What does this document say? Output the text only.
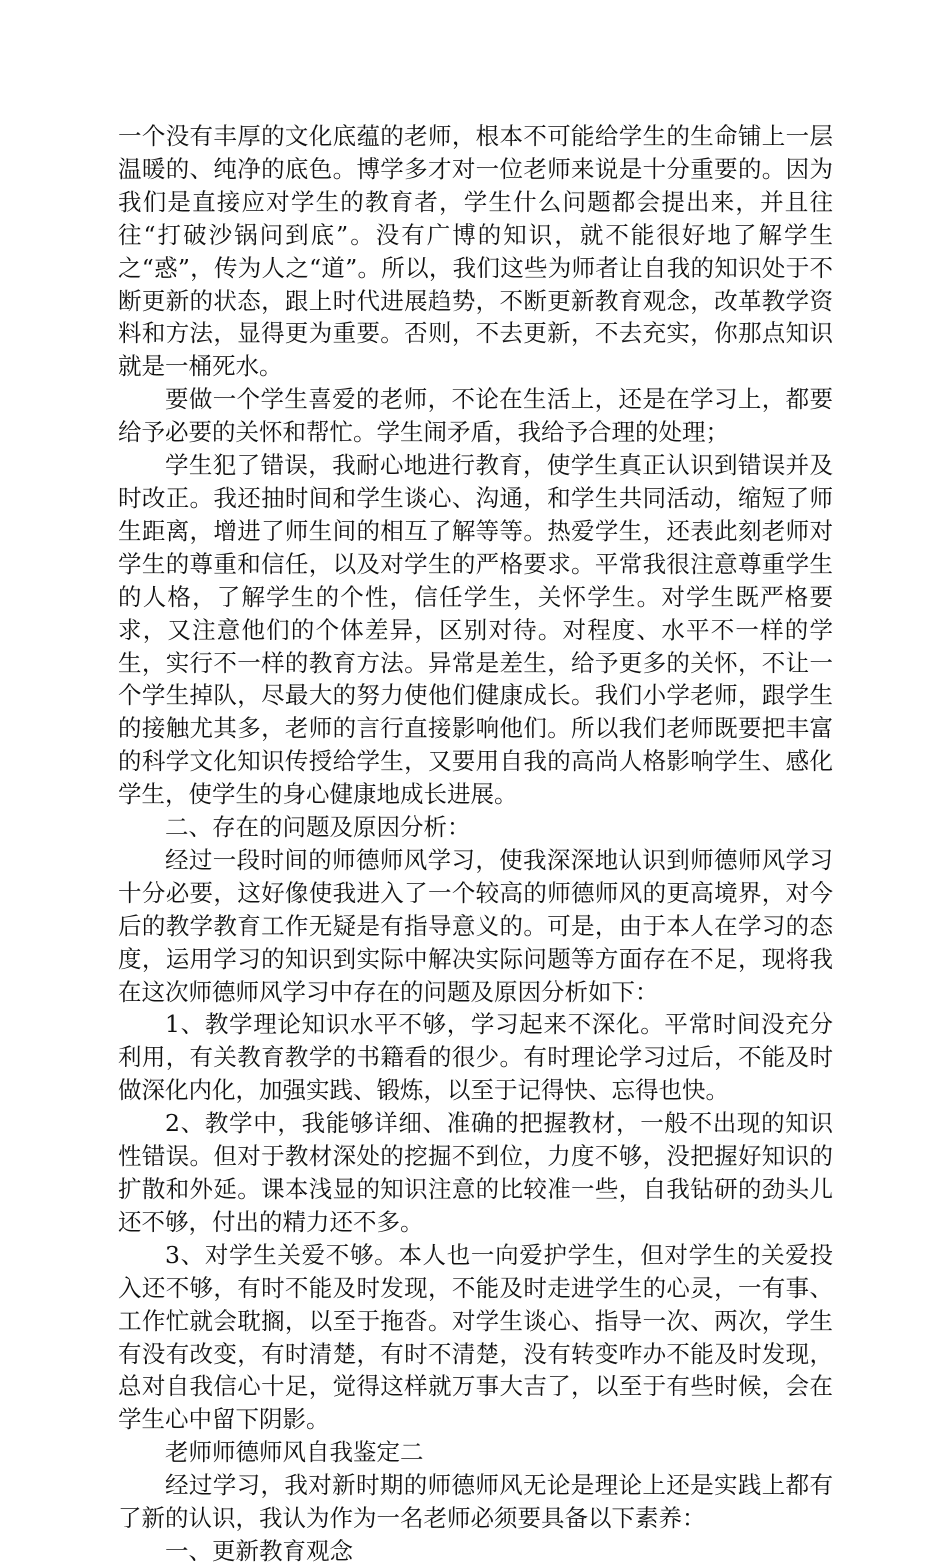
一个没有丰厚的文化底蕴的老师，根本不可能给学生的生命铺上一层温暖的、纯净的底色。博学多才对一位老师来说是十分重要的。因为我们是直接应对学生的教育者，学生什么问题都会提出来，并且往往“打破沙锅问到底”。没有广博的知识，就不能很好地了解学生之“惑”，传为人之“道”。所以，我们这些为师者让自我的知识处于不断更新的状态，跟上时代进展趋势，不断更新教育观念，改革教学资料和方法，显得更为重要。否则，不去更新，不去充实，你那点知识就是一桶死水。

要做一个学生喜爱的老师，不论在生活上，还是在学习上，都要给予必要的关怀和帮忙。学生闹矛盾，我给予合理的处理；

学生犯了错误，我耐心地进行教育，使学生真正认识到错误并及时改正。我还抽时间和学生谈心、沟通，和学生共同活动，缩短了师生距离，增进了师生间的相互了解等等。热爱学生，还表此刻老师对学生的尊重和信任，以及对学生的严格要求。平常我很注意尊重学生的人格，了解学生的个性，信任学生，关怀学生。对学生既严格要求，又注意他们的个体差异，区别对待。对程度、水平不一样的学生，实行不一样的教育方法。异常是差生，给予更多的关怀，不让一个学生掉队，尽最大的努力使他们健康成长。我们小学老师，跟学生的接触尤其多，老师的言行直接影响他们。所以我们老师既要把丰富的科学文化知识传授给学生，又要用自我的高尚人格影响学生、感化学生，使学生的身心健康地成长进展。

二、存在的问题及原因分析：

经过一段时间的师德师风学习，使我深深地认识到师德师风学习十分必要，这好像使我进入了一个较高的师德师风的更高境界，对今后的教学教育工作无疑是有指导意义的。可是，由于本人在学习的态度，运用学习的知识到实际中解决实际问题等方面存在不足，现将我在这次师德师风学习中存在的问题及原因分析如下：

1、教学理论知识水平不够，学习起来不深化。平常时间没充分利用，有关教育教学的书籍看的很少。有时理论学习过后，不能及时做深化内化，加强实践、锻炼，以至于记得快、忘得也快。

2、教学中，我能够详细、准确的把握教材，一般不出现的知识性错误。但对于教材深处的挖掘不到位，力度不够，没把握好知识的扩散和外延。课本浅显的知识注意的比较准一些，自我钻研的劲头儿还不够，付出的精力还不多。

3、对学生关爱不够。本人也一向爱护学生，但对学生的关爱投入还不够，有时不能及时发现，不能及时走进学生的心灵，一有事、工作忙就会耽搁，以至于拖沓。对学生谈心、指导一次、两次，学生有没有改变，有时清楚，有时不清楚，没有转变咋办不能及时发现，总对自我信心十足，觉得这样就万事大吉了，以至于有些时候，会在学生心中留下阴影。

老师师德师风自我鉴定二

经过学习，我对新时期的师德师风无论是理论上还是实践上都有了新的认识，我认为作为一名老师必须要具备以下素养：

一、更新教育观念
